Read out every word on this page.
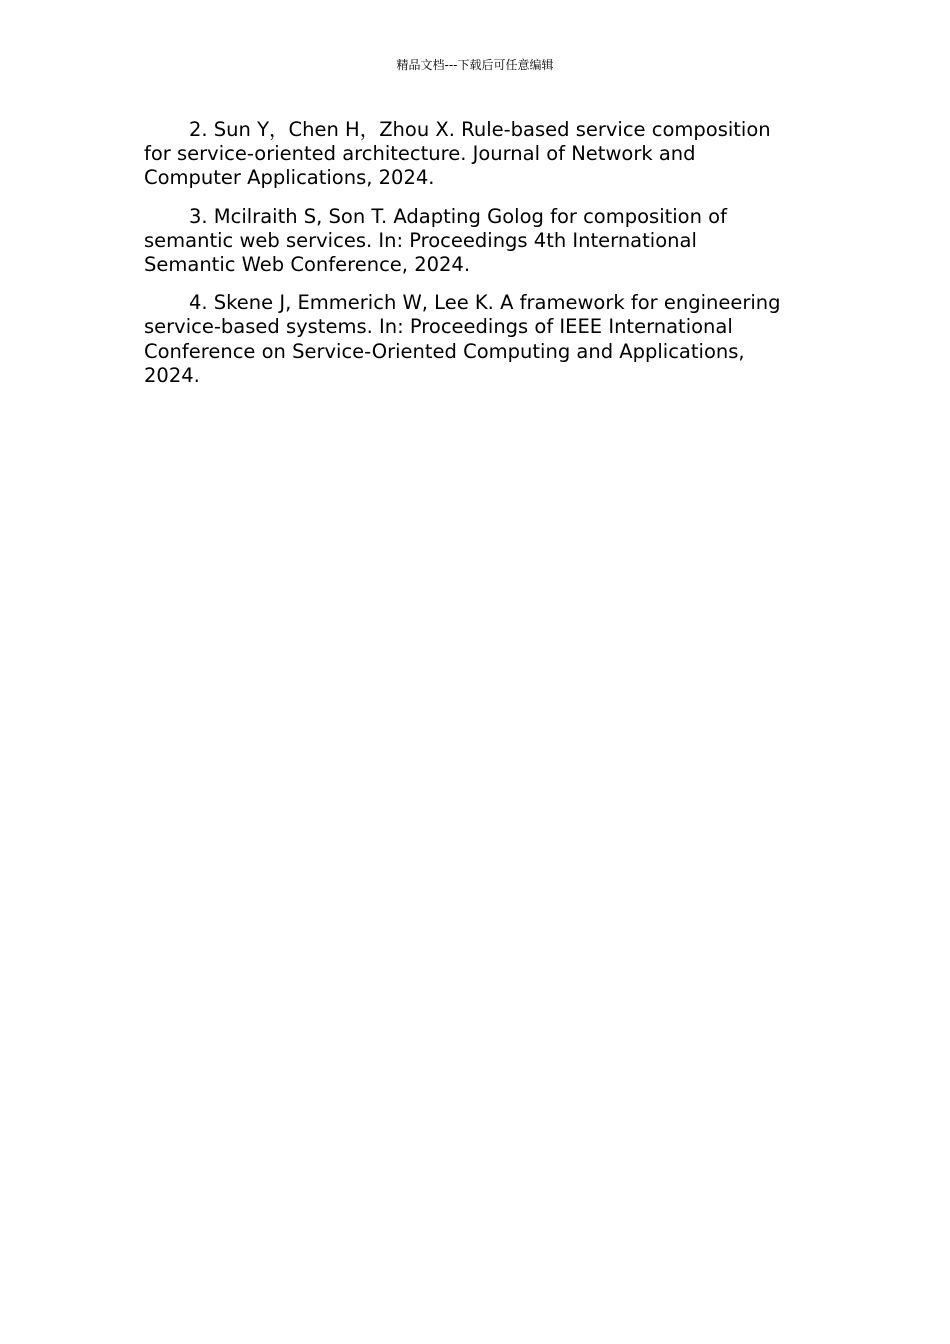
精品文档---下载后可任意编辑

2. Sun Y，Chen H，Zhou X. Rule-based service composition for service-oriented architecture. Journal of Network and Computer Applications, 2024.

3. Mcilraith S, Son T. Adapting Golog for composition of semantic web services. In: Proceedings 4th International Semantic Web Conference, 2024.

4. Skene J, Emmerich W, Lee K. A framework for engineering service-based systems. In: Proceedings of IEEE International Conference on Service-Oriented Computing and Applications, 2024.
